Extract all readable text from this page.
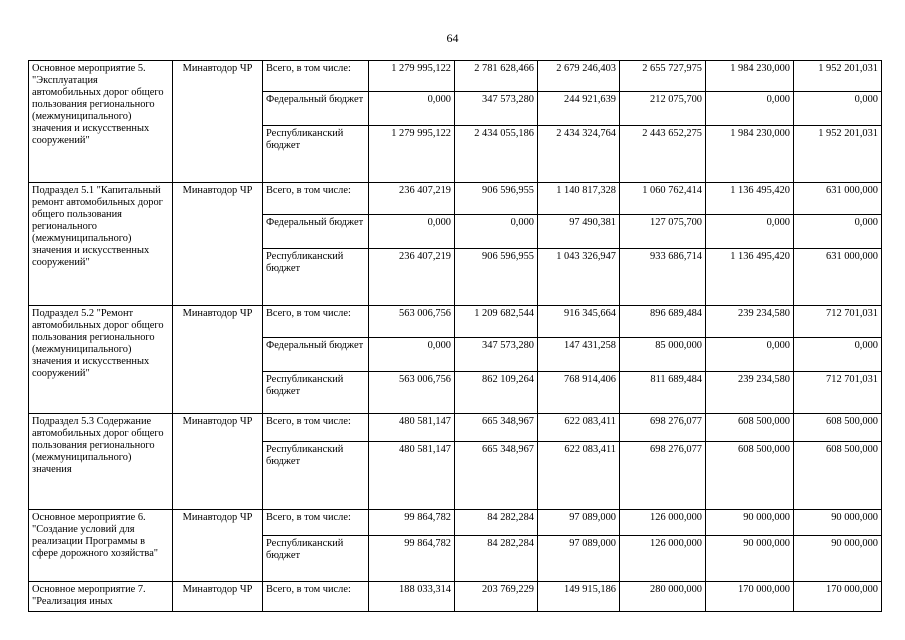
64
Основное мероприятие 5. "Эксплуатация автомобильных дорог общего пользования регионального (межмуниципального) значения и искусственных сооружений"	Минавтодор ЧР	Всего, в том числе:	1 279 995,122	2 781 628,466	2 679 246,403	2 655 727,975	1 984 230,000	1 952 201,031
		Федеральный бюджет	0,000	347 573,280	244 921,639	212 075,700	0,000	0,000
		Республиканский бюджет	1 279 995,122	2 434 055,186	2 434 324,764	2 443 652,275	1 984 230,000	1 952 201,031
Подраздел 5.1 "Капитальный ремонт автомобильных дорог общего пользования регионального (межмуниципального) значения и искусственных сооружений"	Минавтодор ЧР	Всего, в том числе:	236 407,219	906 596,955	1 140 817,328	1 060 762,414	1 136 495,420	631 000,000
		Федеральный бюджет	0,000	0,000	97 490,381	127 075,700	0,000	0,000
		Республиканский бюджет	236 407,219	906 596,955	1 043 326,947	933 686,714	1 136 495,420	631 000,000
Подраздел 5.2 "Ремонт автомобильных дорог общего пользования регионального (межмуниципального) значения и искусственных сооружений"	Минавтодор ЧР	Всего, в том числе:	563 006,756	1 209 682,544	916 345,664	896 689,484	239 234,580	712 701,031
		Федеральный бюджет	0,000	347 573,280	147 431,258	85 000,000	0,000	0,000
		Республиканский бюджет	563 006,756	862 109,264	768 914,406	811 689,484	239 234,580	712 701,031
Подраздел 5.3 Содержание автомобильных дорог общего пользования регионального (межмуниципального) значения	Минавтодор ЧР	Всего, в том числе:	480 581,147	665 348,967	622 083,411	698 276,077	608 500,000	608 500,000
		Республиканский бюджет	480 581,147	665 348,967	622 083,411	698 276,077	608 500,000	608 500,000
Основное мероприятие 6. "Создание условий для реализации Программы в сфере дорожного хозяйства"	Минавтодор ЧР	Всего, в том числе:	99 864,782	84 282,284	97 089,000	126 000,000	90 000,000	90 000,000
		Республиканский бюджет	99 864,782	84 282,284	97 089,000	126 000,000	90 000,000	90 000,000
Основное мероприятие 7. "Реализация иных	Минавтодор ЧР	Всего, в том числе:	188 033,314	203 769,229	149 915,186	280 000,000	170 000,000	170 000,000
